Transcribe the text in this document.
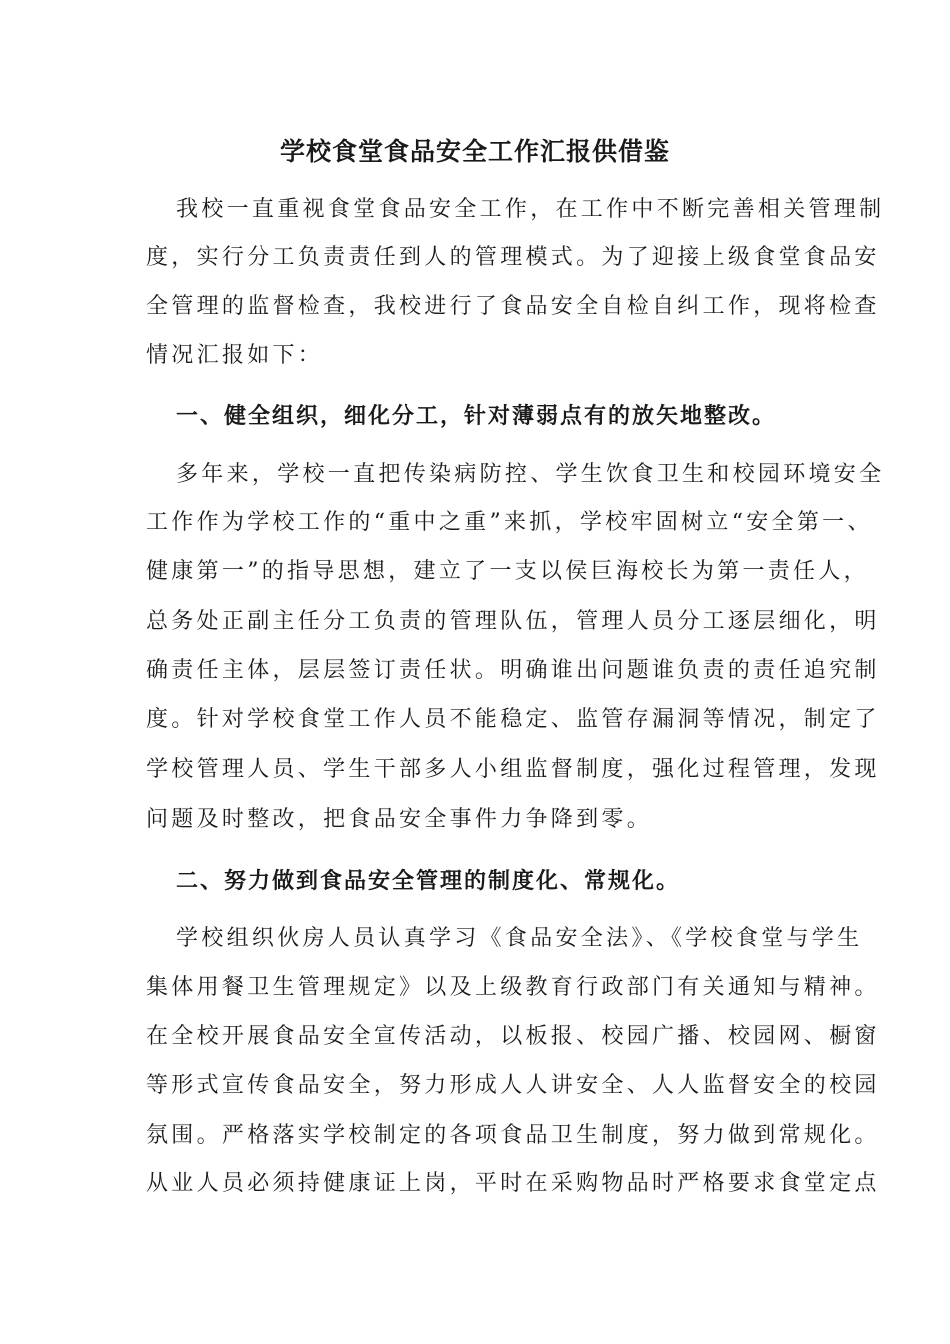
学校食堂食品安全工作汇报供借鉴

我校一直重视食堂食品安全工作，在工作中不断完善相关管理制

度，实行分工负责责任到人的管理模式。为了迎接上级食堂食品安

全管理的监督检查，我校进行了食品安全自检自纠工作，现将检查

情况汇报如下：

一、健全组织，细化分工，针对薄弱点有的放矢地整改。

多年来，学校一直把传染病防控、学生饮食卫生和校园环境安全

工作作为学校工作的“重中之重”来抓，学校牢固树立“安全第一、

健康第一”的指导思想，建立了一支以侯巨海校长为第一责任人，

总务处正副主任分工负责的管理队伍，管理人员分工逐层细化，明

确责任主体，层层签订责任状。明确谁出问题谁负责的责任追究制

度。针对学校食堂工作人员不能稳定、监管存漏洞等情况，制定了

学校管理人员、学生干部多人小组监督制度，强化过程管理，发现

问题及时整改，把食品安全事件力争降到零。

二、努力做到食品安全管理的制度化、常规化。

学校组织伙房人员认真学习《食品安全法》、《学校食堂与学生

集体用餐卫生管理规定》以及上级教育行政部门有关通知与精神。

在全校开展食品安全宣传活动，以板报、校园广播、校园网、橱窗

等形式宣传食品安全，努力形成人人讲安全、人人监督安全的校园

氛围。严格落实学校制定的各项食品卫生制度，努力做到常规化。

从业人员必须持健康证上岗，平时在采购物品时严格要求食堂定点
